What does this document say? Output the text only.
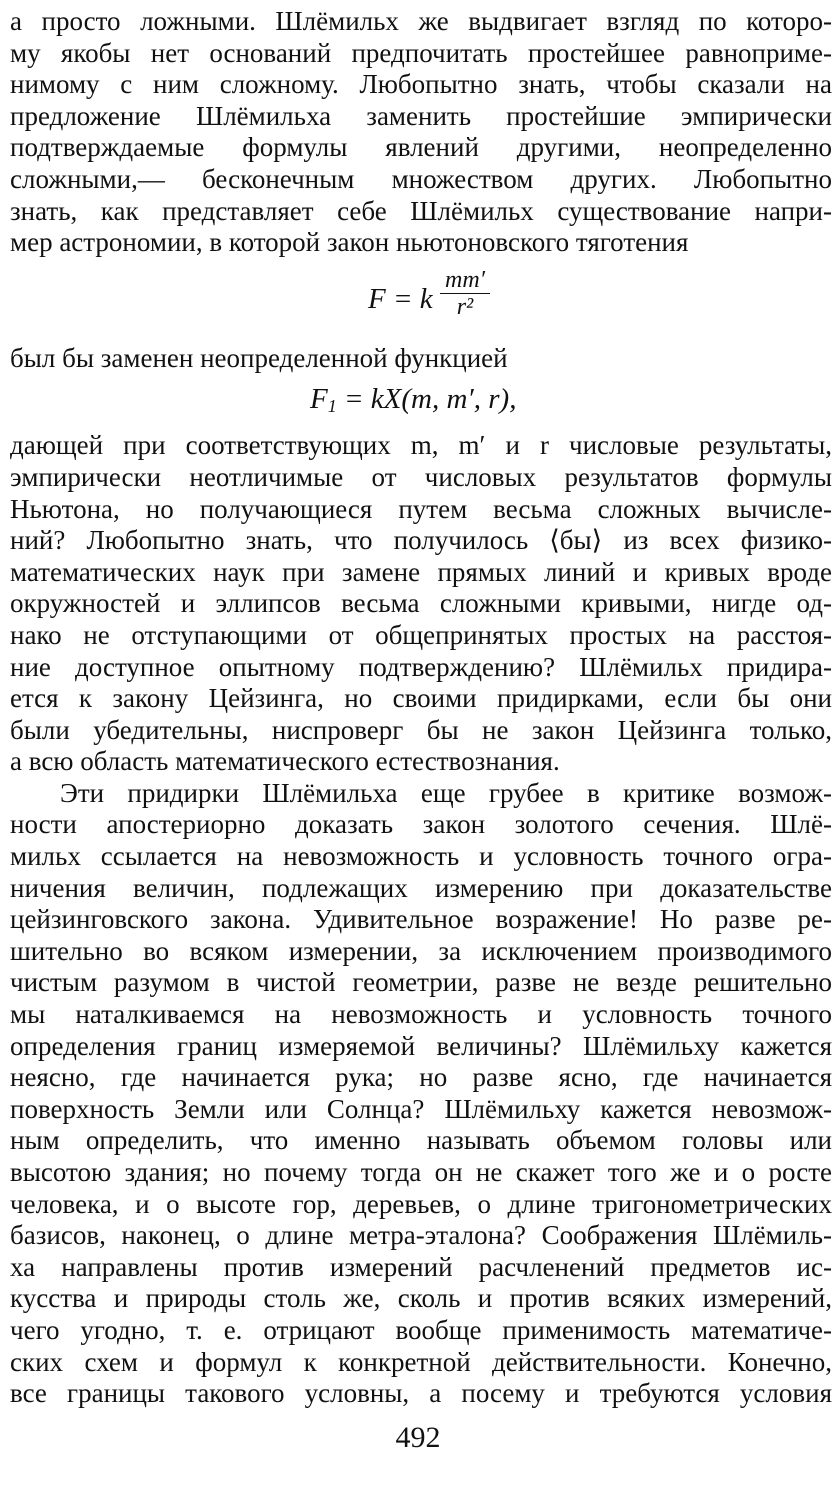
а просто ложными. Шлёмильх же выдвигает взгляд по которо-
му якобы нет оснований предпочитать простейшее равноприме-
нимому с ним сложному. Любопытно знать, чтобы сказали на
предложение Шлёмильха заменить простейшие эмпирически
подтверждаемые формулы явлений другими, неопределенно
сложными,— бесконечным множеством других. Любопытно
знать, как представляет себе Шлёмильх существование напри-
мер астрономии, в которой закон ньютоновского тяготения
F = k $\frac{mm'}{\text{r²}}$
был бы заменен неопределенной функцией
$F_1 = kX(m$, m′, r),
дающей при соответствующих m, m′ и r числовые результаты,
эмпирически неотличимые от числовых результатов формулы
Ньютона, но получающиеся путем весьма сложных вычисле-
ний? Любопытно знать, что получилось ⟨бы⟩ из всех физико-
математических наук при замене прямых линий и кривых вроде
окружностей и эллипсов весьма сложными кривыми, нигде од-
нако не отступающими от общепринятых простых на расстоя-
ние доступное опытному подтверждению? Шлёмильх придира-
ется к закону Цейзинга, но своими придирками, если бы они
были убедительны, ниспроверг бы не закон Цейзинга только,
а всю область математического естествознания.
Эти придирки Шлёмильха еще грубее в критике возмож-
ности апостериорно доказать закон золотого сечения. Шлё-
мильх ссылается на невозможность и условность точного огра-
ничения величин, подлежащих измерению при доказательстве
цейзинговского закона. Удивительное возражение! Но разве ре-
шительно во всяком измерении, за исключением производимого
чистым разумом в чистой геометрии, разве не везде решительно
мы наталкиваемся на невозможность и условность точного
определения границ измеряемой величины? Шлёмильху кажется
неясно, где начинается рука; но разве ясно, где начинается
поверхность Земли или Солнца? Шлёмильху кажется невозмож-
ным определить, что именно называть объемом головы или
высотою здания; но почему тогда он не скажет того же и о росте
человека, и о высоте гор, деревьев, о длине тригонометрических
базисов, наконец, о длине метра-эталона? Соображения Шлёмиль-
ха направлены против измерений расчленений предметов ис-
кусства и природы столь же, сколь и против всяких измерений,
чего угодно, т. е. отрицают вообще применимость математиче-
ских схем и формул к конкретной действительности. Конечно,
все границы такового условны, а посему и требуются условия
492
